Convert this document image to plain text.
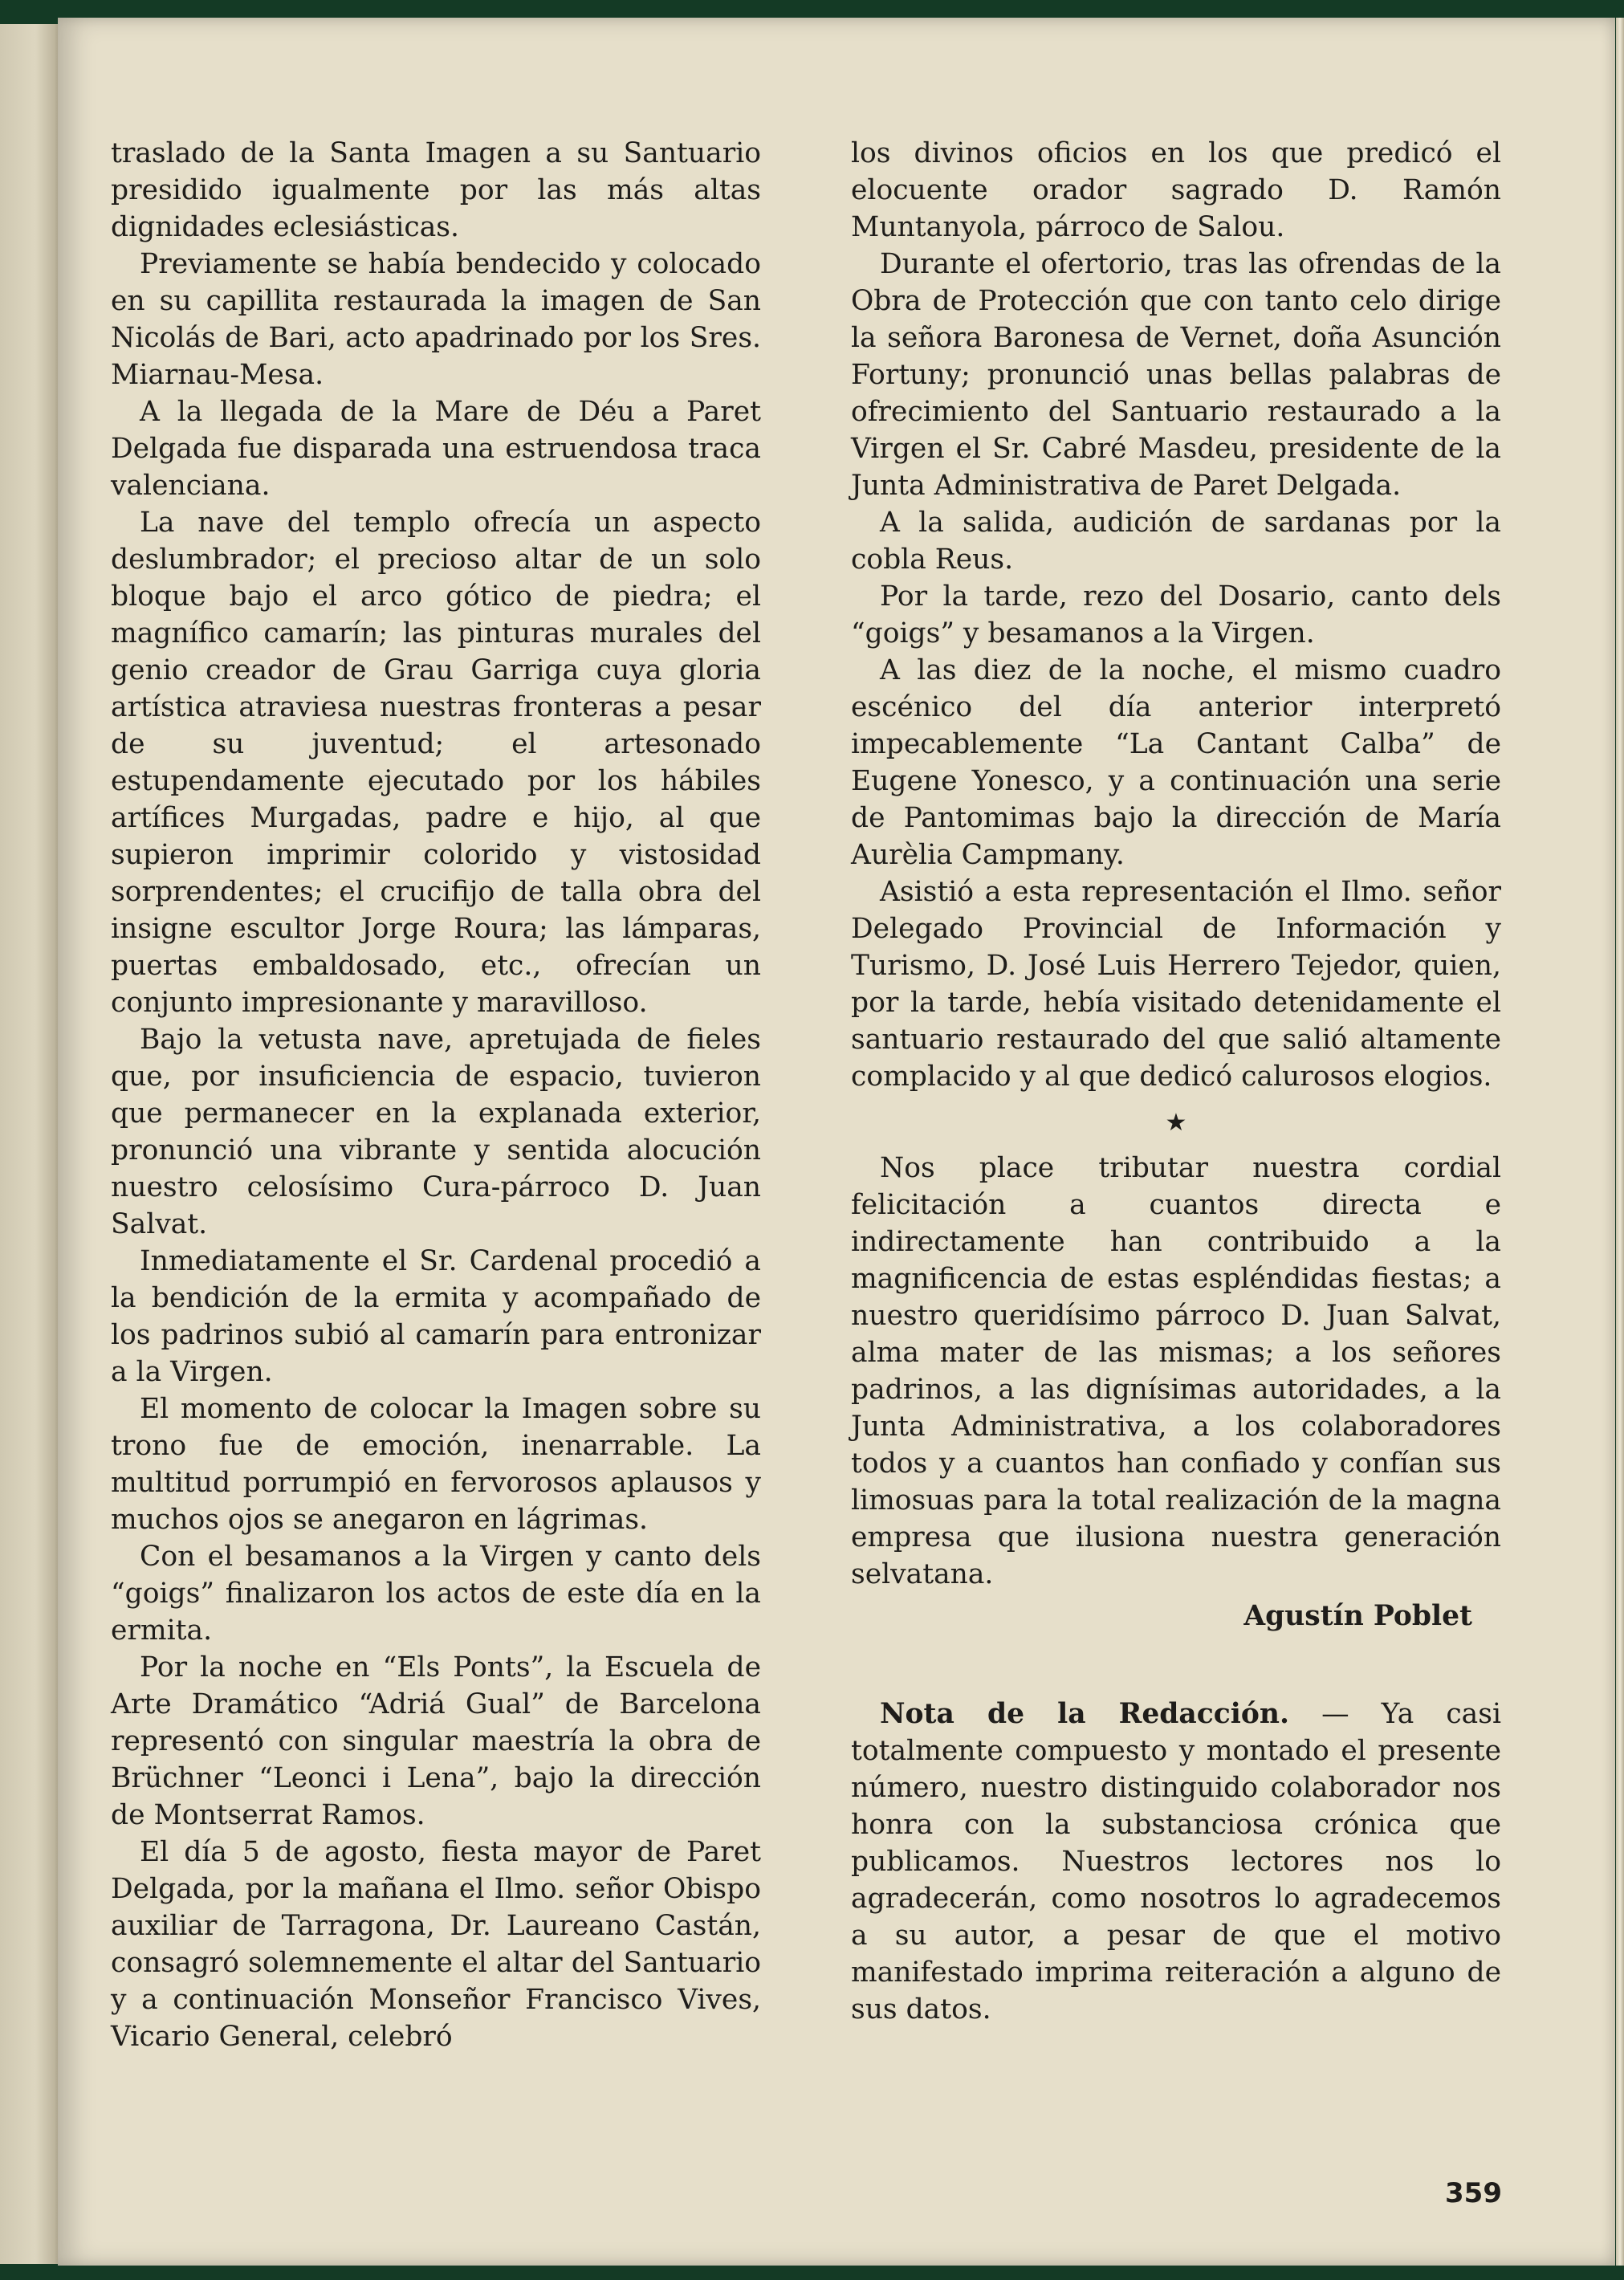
traslado de la Santa Imagen a su Santuario presidido igualmente por las más altas dignidades eclesiásticas.

Previamente se había bendecido y colocado en su capillita restaurada la imagen de San Nicolás de Bari, acto apadrinado por los Sres. Miarnau-Mesa.

A la llegada de la Mare de Déu a Paret Delgada fue disparada una estruendosa traca valenciana.

La nave del templo ofrecía un aspecto deslumbrador; el precioso altar de un solo bloque bajo el arco gótico de piedra; el magnífico camarín; las pinturas murales del genio creador de Grau Garriga cuya gloria artística atraviesa nuestras fronteras a pesar de su juventud; el artesonado estupendamente ejecutado por los hábiles artífices Murgadas, padre e hijo, al que supieron imprimir colorido y vistosidad sorprendentes; el crucifijo de talla obra del insigne escultor Jorge Roura; las lámparas, puertas embaldosado, etc., ofrecían un conjunto impresionante y maravilloso.

Bajo la vetusta nave, apretujada de fieles que, por insuficiencia de espacio, tuvieron que permanecer en la explanada exterior, pronunció una vibrante y sentida alocución nuestro celosísimo Cura-párroco D. Juan Salvat.

Inmediatamente el Sr. Cardenal procedió a la bendición de la ermita y acompañado de los padrinos subió al camarín para entronizar a la Virgen.

El momento de colocar la Imagen sobre su trono fue de emoción, inenarrable. La multitud porrumpió en fervorosos aplausos y muchos ojos se anegaron en lágrimas.

Con el besamanos a la Virgen y canto dels “goigs” finalizaron los actos de este día en la ermita.

Por la noche en “Els Ponts”, la Escuela de Arte Dramático “Adriá Gual” de Barcelona representó con singular maestría la obra de Brüchner “Leonci i Lena”, bajo la dirección de Montserrat Ramos.

El día 5 de agosto, fiesta mayor de Paret Delgada, por la mañana el Ilmo. señor Obispo auxiliar de Tarragona, Dr. Laureano Castán, consagró solemnemente el altar del Santuario y a continuación Monseñor Francisco Vives, Vicario General, celebró

los divinos oficios en los que predicó el elocuente orador sagrado D. Ramón Muntanyola, párroco de Salou.

Durante el ofertorio, tras las ofrendas de la Obra de Protección que con tanto celo dirige la señora Baronesa de Vernet, doña Asunción Fortuny; pronunció unas bellas palabras de ofrecimiento del Santuario restaurado a la Virgen el Sr. Cabré Masdeu, presidente de la Junta Administrativa de Paret Delgada.

A la salida, audición de sardanas por la cobla Reus.

Por la tarde, rezo del Dosario, canto dels “goigs” y besamanos a la Virgen.

A las diez de la noche, el mismo cuadro escénico del día anterior interpretó impecablemente “La Cantant Calba” de Eugene Yonesco, y a continuación una serie de Pantomimas bajo la dirección de María Aurèlia Campmany.

Asistió a esta representación el Ilmo. señor Delegado Provincial de Información y Turismo, D. José Luis Herrero Tejedor, quien, por la tarde, hebía visitado detenidamente el santuario restaurado del que salió altamente complacido y al que dedicó calurosos elogios.

★

Nos place tributar nuestra cordial felicitación a cuantos directa e indirectamente han contribuido a la magnificencia de estas espléndidas fiestas; a nuestro queridísimo párroco D. Juan Salvat, alma mater de las mismas; a los señores padrinos, a las dignísimas autoridades, a la Junta Administrativa, a los colaboradores todos y a cuantos han confiado y confían sus limosuas para la total realización de la magna empresa que ilusiona nuestra generación selvatana.

Agustín Poblet

Nota de la Redacción. — Ya casi totalmente compuesto y montado el presente número, nuestro distinguido colaborador nos honra con la substanciosa crónica que publicamos. Nuestros lectores nos lo agradecerán, como nosotros lo agradecemos a su autor, a pesar de que el motivo manifestado imprima reiteración a alguno de sus datos.

359
